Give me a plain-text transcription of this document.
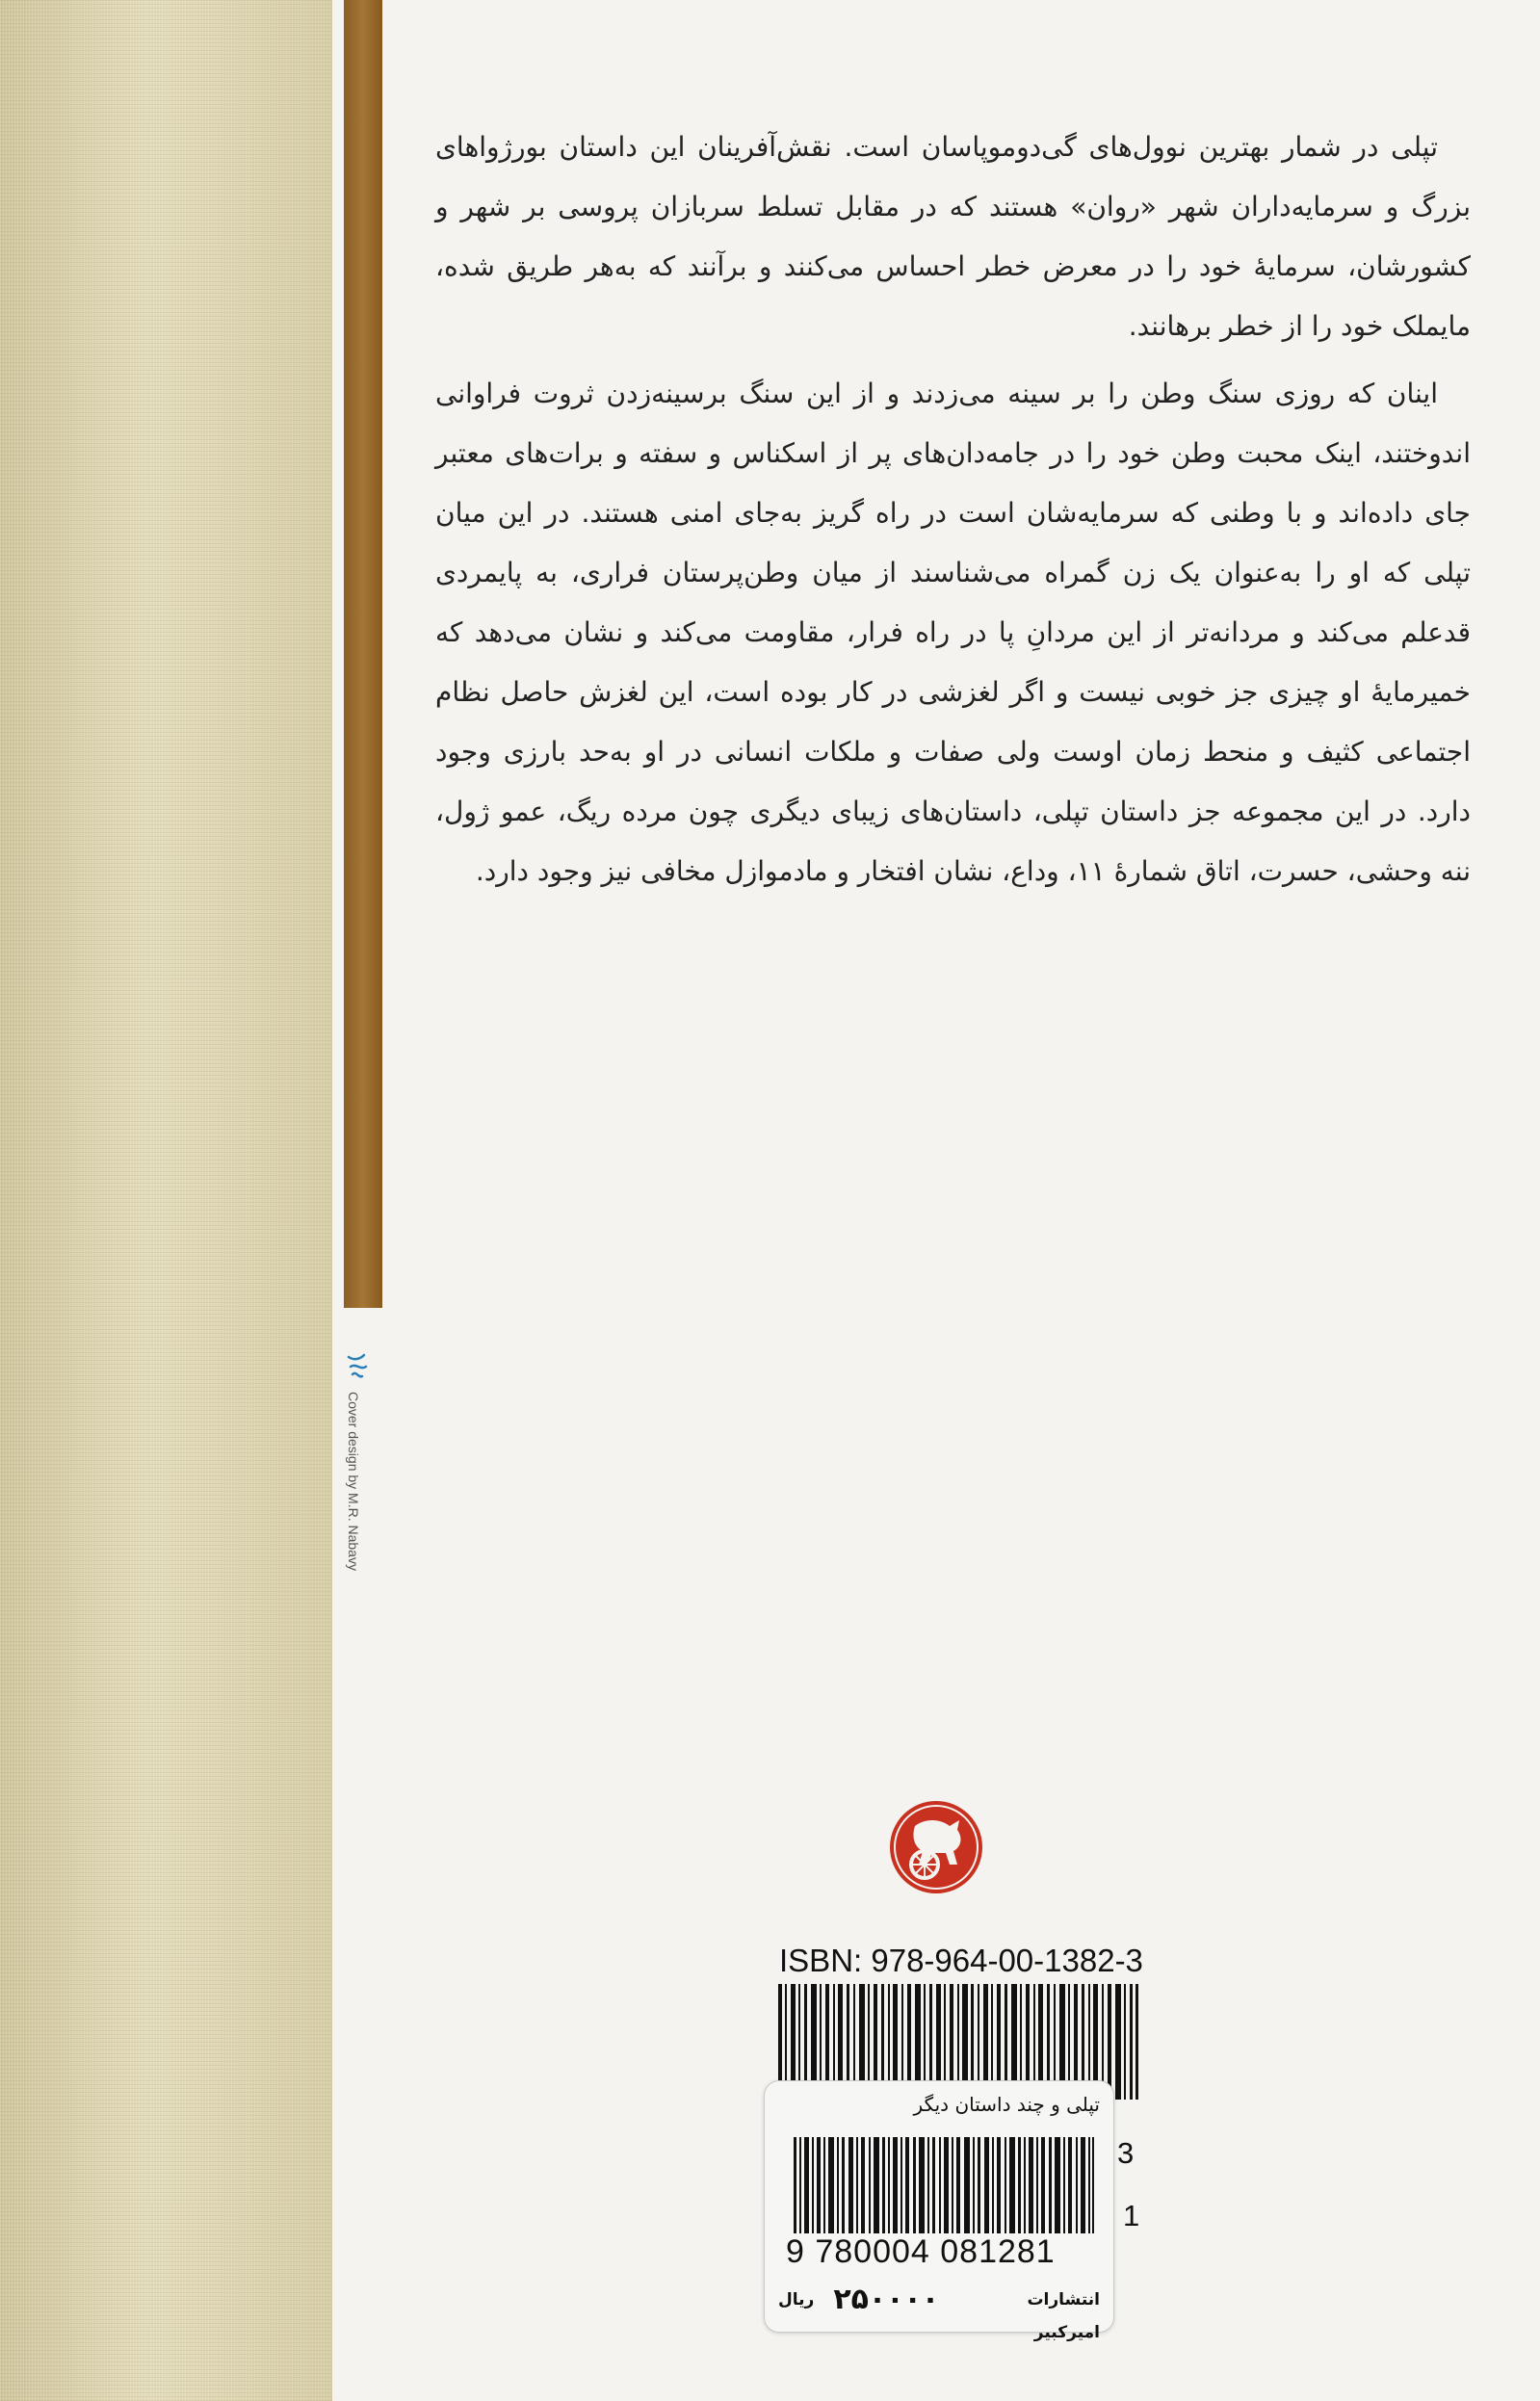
Cover design by M.R. Nabavy

تپلی در شمار بهترین نوول‌های گی‌دوموپاسان است. نقش‌آفرینان این داستان بورژواهای بزرگ و سرمایه‌داران شهر «روان» هستند که در مقابل تسلط سربازان پروسی بر شهر و کشورشان، سرمایهٔ خود را در معرض خطر احساس می‌کنند و برآنند که به‌هر طریق شده، مایملک خود را از خطر برهانند.

اینان که روزی سنگ وطن را بر سینه می‌زدند و از این سنگ برسینه‌زدن ثروت فراوانی اندوختند، اینک محبت وطن خود را در جامه‌دان‌های پر از اسکناس و سفته و برات‌های معتبر جای داده‌اند و با وطنی که سرمایه‌شان است در راه گریز به‌جای امنی هستند. در این میان تپلی که او را به‌عنوان یک زن گمراه می‌شناسند از میان وطن‌پرستان فراری، به پایمردی قدعلم می‌کند و مردانه‌تر از این مردانِ پا در راه فرار، مقاومت می‌کند و نشان می‌دهد که خمیرمایهٔ او چیزی جز خوبی نیست و اگر لغزشی در کار بوده است، این لغزش حاصل نظام اجتماعی کثیف و منحط زمان اوست ولی صفات و ملکات انسانی در او به‌حد بارزی وجود دارد. در این مجموعه جز داستان تپلی، داستان‌های زیبای دیگری چون مرده ریگ، عمو ژول، ننه وحشی، حسرت، اتاق شمارهٔ ۱۱، وداع، نشان افتخار و مادموازل مخافی نیز وجود دارد.

ISBN: 978-964-00-1382-3
3
1
تپلی و چند داستان دیگر
9 780004 081281
انتشارات امیرکبیر
۲۵۰۰۰۰
ریال
